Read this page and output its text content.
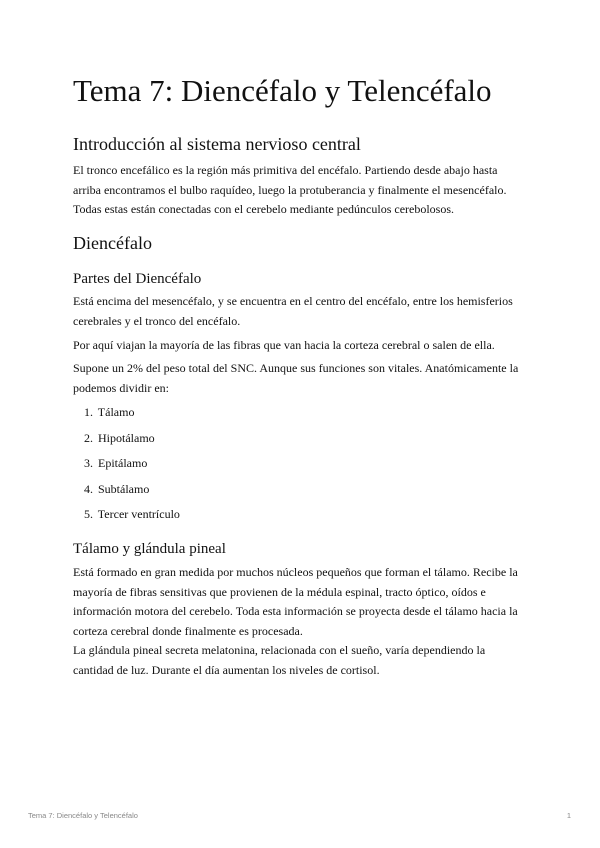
Tema 7: Diencéfalo y Telencéfalo
Introducción al sistema nervioso central

El tronco encefálico es la región más primitiva del encéfalo. Partiendo desde abajo hasta arriba encontramos el bulbo raquídeo, luego la protuberancia y finalmente el mesencéfalo. Todas estas están conectadas con el cerebelo mediante pedúnculos cerebolosos.

Diencéfalo
Partes del Diencéfalo

Está encima del mesencéfalo, y se encuentra en el centro del encéfalo, entre los hemisferios cerebrales y el tronco del encéfalo.

Por aquí viajan la mayoría de las fibras que van hacia la corteza cerebral o salen de ella.

Supone un 2% del peso total del SNC. Aunque sus funciones son vitales. Anatómicamente la podemos dividir en:

1. Tálamo
2. Hipotálamo
3. Epitálamo
4. Subtálamo
5. Tercer ventrículo
Tálamo y glándula pineal

Está formado en gran medida por muchos núcleos pequeños que forman el tálamo. Recibe la mayoría de fibras sensitivas que provienen de la médula espinal, tracto óptico, oídos e información motora del cerebelo. Toda esta información se proyecta desde el tálamo hacia la corteza cerebral donde finalmente es procesada.

La glándula pineal secreta melatonina, relacionada con el sueño, varía dependiendo la cantidad de luz. Durante el día aumentan los niveles de cortisol.

Tema 7: Diencéfalo y Telencéfalo	1
